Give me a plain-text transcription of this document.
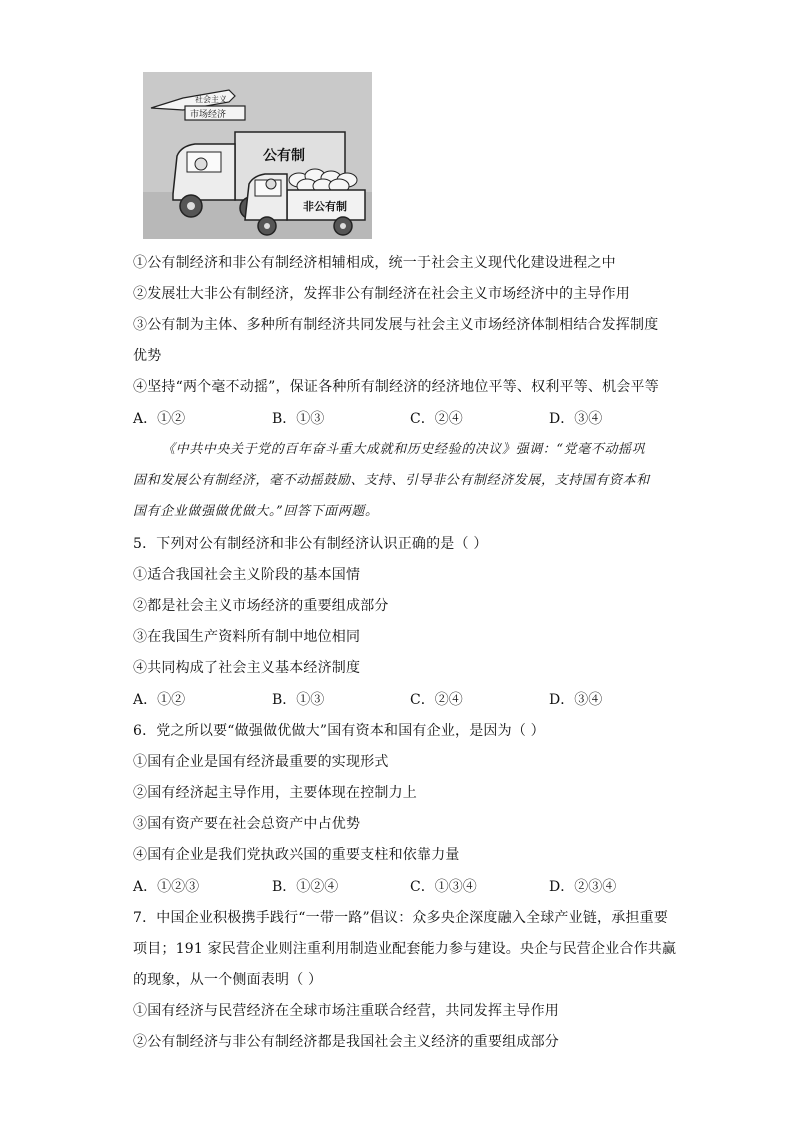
社会主义
市场经济
公有制
非公有制
①公有制经济和非公有制经济相辅相成，统一于社会主义现代化建设进程之中
②发展壮大非公有制经济，发挥非公有制经济在社会主义市场经济中的主导作用
③公有制为主体、多种所有制经济共同发展与社会主义市场经济体制相结合发挥制度
优势
④坚持“两个毫不动摇”，保证各种所有制经济的经济地位平等、权利平等、机会平等
A．①②	B．①③	C．②④	D．③④
《中共中央关于党的百年奋斗重大成就和历史经验的决议》强调：“党毫不动摇巩
固和发展公有制经济，毫不动摇鼓励、支持、引导非公有制经济发展，支持国有资本和
国有企业做强做优做大。”回答下面两题。
5．下列对公有制经济和非公有制经济认识正确的是（ ）
①适合我国社会主义阶段的基本国情
②都是社会主义市场经济的重要组成部分
③在我国生产资料所有制中地位相同
④共同构成了社会主义基本经济制度
A．①②	B．①③	C．②④	D．③④
6．党之所以要“做强做优做大”国有资本和国有企业，是因为（ ）
①国有企业是国有经济最重要的实现形式
②国有经济起主导作用，主要体现在控制力上
③国有资产要在社会总资产中占优势
④国有企业是我们党执政兴国的重要支柱和依靠力量
A．①②③	B．①②④	C．①③④	D．②③④
7．中国企业积极携手践行“一带一路”倡议：众多央企深度融入全球产业链，承担重要
项目；191 家民营企业则注重利用制造业配套能力参与建设。央企与民营企业合作共赢
的现象，从一个侧面表明（ ）
①国有经济与民营经济在全球市场注重联合经营，共同发挥主导作用
②公有制经济与非公有制经济都是我国社会主义经济的重要组成部分
